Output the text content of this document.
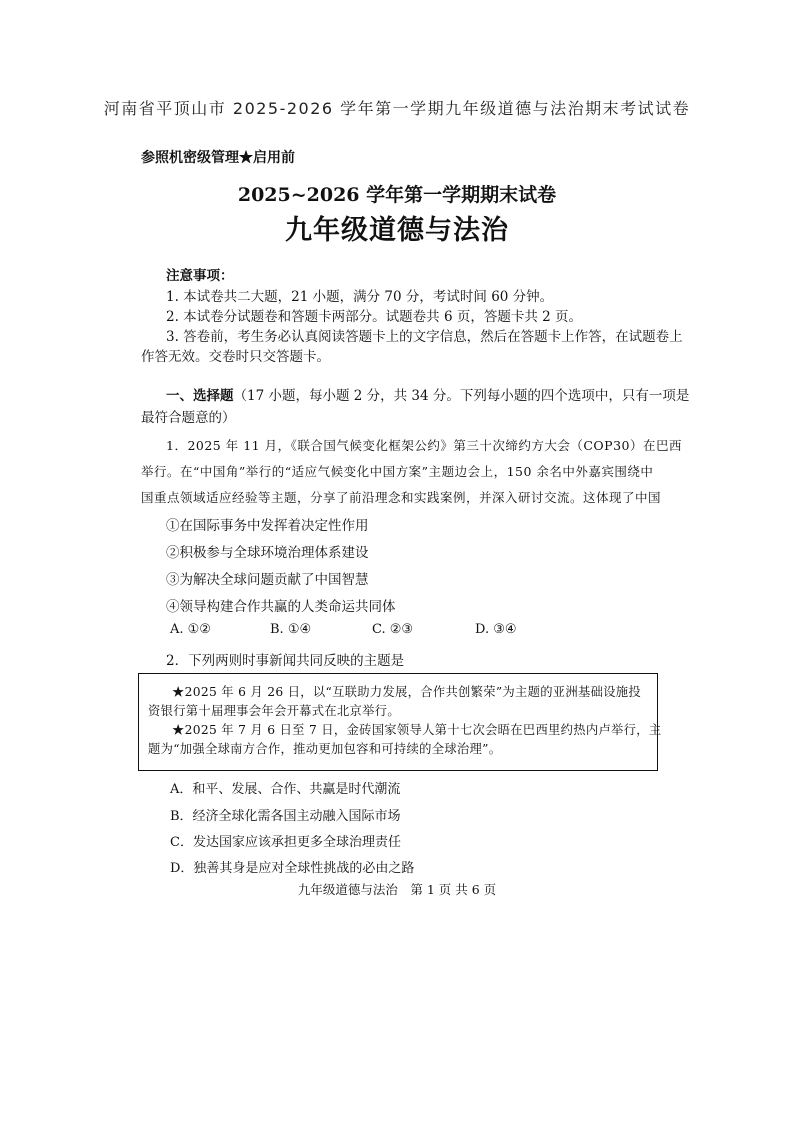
河南省平顶山市 2025-2026 学年第一学期九年级道德与法治期末考试试卷
参照机密级管理★启用前
2025~2026 学年第一学期期末试卷
九年级道德与法治
注意事项：
1. 本试卷共二大题，21 小题，满分 70 分，考试时间 60 分钟。
2. 本试卷分试题卷和答题卡两部分。试题卷共 6 页，答题卡共 2 页。
3. 答卷前，考生务必认真阅读答题卡上的文字信息，然后在答题卡上作答，在试题卷上
作答无效。交卷时只交答题卡。
一、选择题（17 小题，每小题 2 分，共 34 分。下列每小题的四个选项中，只有一项是
最符合题意的）
1．2025 年 11 月，《联合国气候变化框架公约》第三十次缔约方大会（COP30）在巴西
举行。在“中国角”举行的“适应气候变化中国方案”主题边会上，150 余名中外嘉宾围绕中
国重点领域适应经验等主题，分享了前沿理念和实践案例，并深入研讨交流。这体现了中国
①在国际事务中发挥着决定性作用
②积极参与全球环境治理体系建设
③为解决全球问题贡献了中国智慧
④领导构建合作共赢的人类命运共同体
A. ①②	B. ①④	C. ②③	D. ③④
2．下列两则时事新闻共同反映的主题是
★2025 年 6 月 26 日，以“互联助力发展，合作共创繁荣”为主题的亚洲基础设施投
资银行第十届理事会年会开幕式在北京举行。
★2025 年 7 月 6 日至 7 日，金砖国家领导人第十七次会晤在巴西里约热内卢举行，主
题为“加强全球南方合作，推动更加包容和可持续的全球治理”。
A．和平、发展、合作、共赢是时代潮流
B．经济全球化需各国主动融入国际市场
C．发达国家应该承担更多全球治理责任
D．独善其身是应对全球性挑战的必由之路
九年级道德与法治　第 1 页 共 6 页
